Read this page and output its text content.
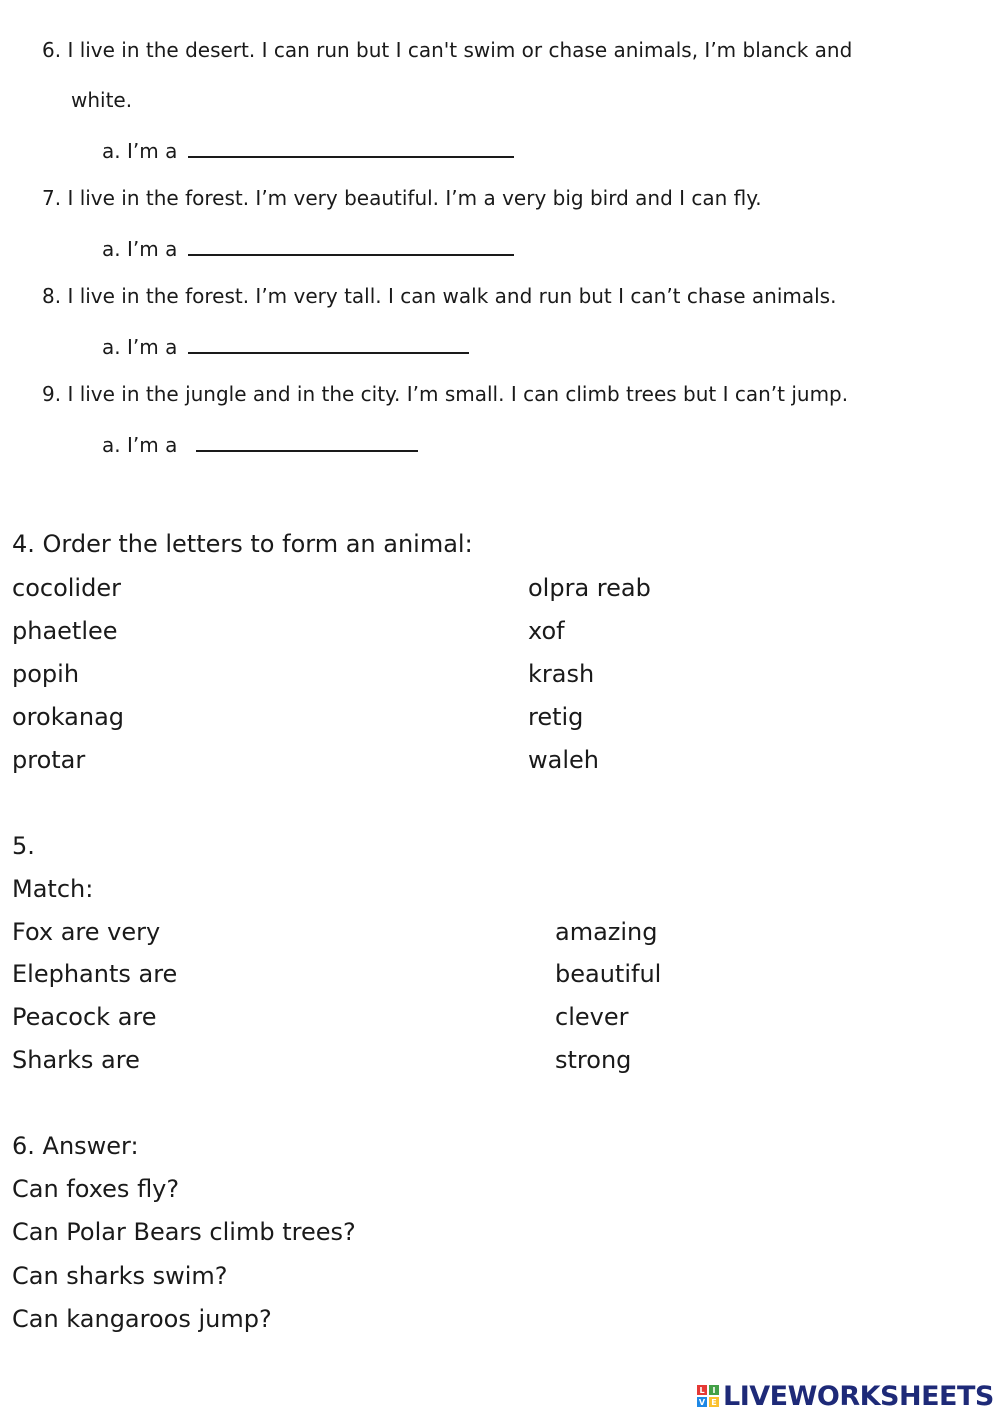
6. I live in the desert. I can run but I can't swim or chase animals, I’m blanck and
white.
a. I’m a
7. I live in the forest. I’m very beautiful. I’m a very big bird and I can fly.
a. I’m a
8. I live in the forest. I’m very tall. I can walk and run but I can’t chase animals.
a. I’m a
9. I live in the jungle and in the city. I’m small. I can climb trees but I can’t jump.
a. I’m a
4. Order the letters to form an animal:
cocolider
phaetlee
popih
orokanag
protar
olpra reab
xof
krash
retig
waleh
5.
Match:
Fox are very
Elephants are
Peacock are
Sharks are
amazing
beautiful
clever
strong
6. Answer:
Can foxes fly?
Can Polar Bears climb trees?
Can sharks swim?
Can kangaroos jump?
L I
V E LIVEWORKSHEETS
